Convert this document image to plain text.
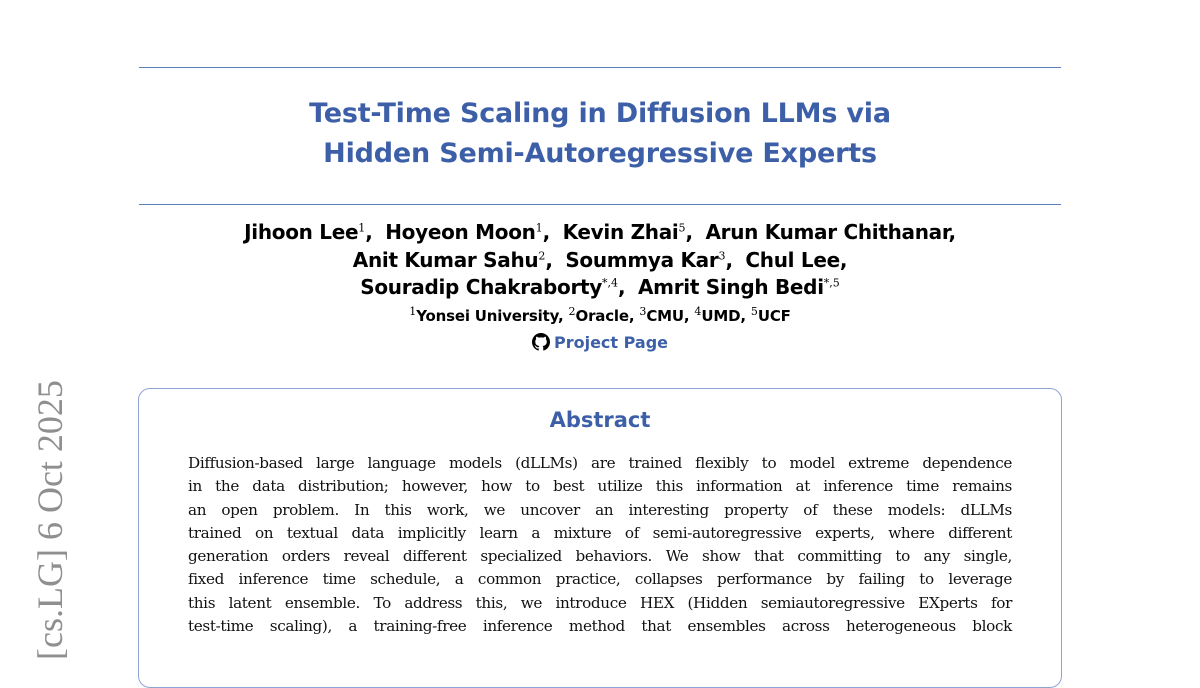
Test-Time Scaling in Diffusion LLMs via
Hidden Semi-Autoregressive Experts
Jihoon Lee$^1$, Hoyeon Moon$^1$, Kevin Zhai$^5$, Arun Kumar Chithanar,
Anit Kumar Sahu$^2$, Soummya Kar$^3$, Chul Lee,
Souradip Chakraborty$^{*,4}$, Amrit Singh Bedi$^{*,5}$
$^1$Yonsei University, $^2$Oracle, $^3$CMU, $^4$UMD, $^5$UCF
Project Page
Abstract
Diffusion-based large language models (dLLMs) are trained flexibly to model extreme dependence
in the data distribution; however, how to best utilize this information at inference time remains
an open problem. In this work, we uncover an interesting property of these models: dLLMs
trained on textual data implicitly learn a mixture of semi-autoregressive experts, where different
generation orders reveal different specialized behaviors. We show that committing to any single,
fixed inference time schedule, a common practice, collapses performance by failing to leverage
this latent ensemble. To address this, we introduce HEX (Hidden semiautoregressive EXperts for
test-time scaling), a training-free inference method that ensembles across heterogeneous block
[cs.LG] 6 Oct 2025
